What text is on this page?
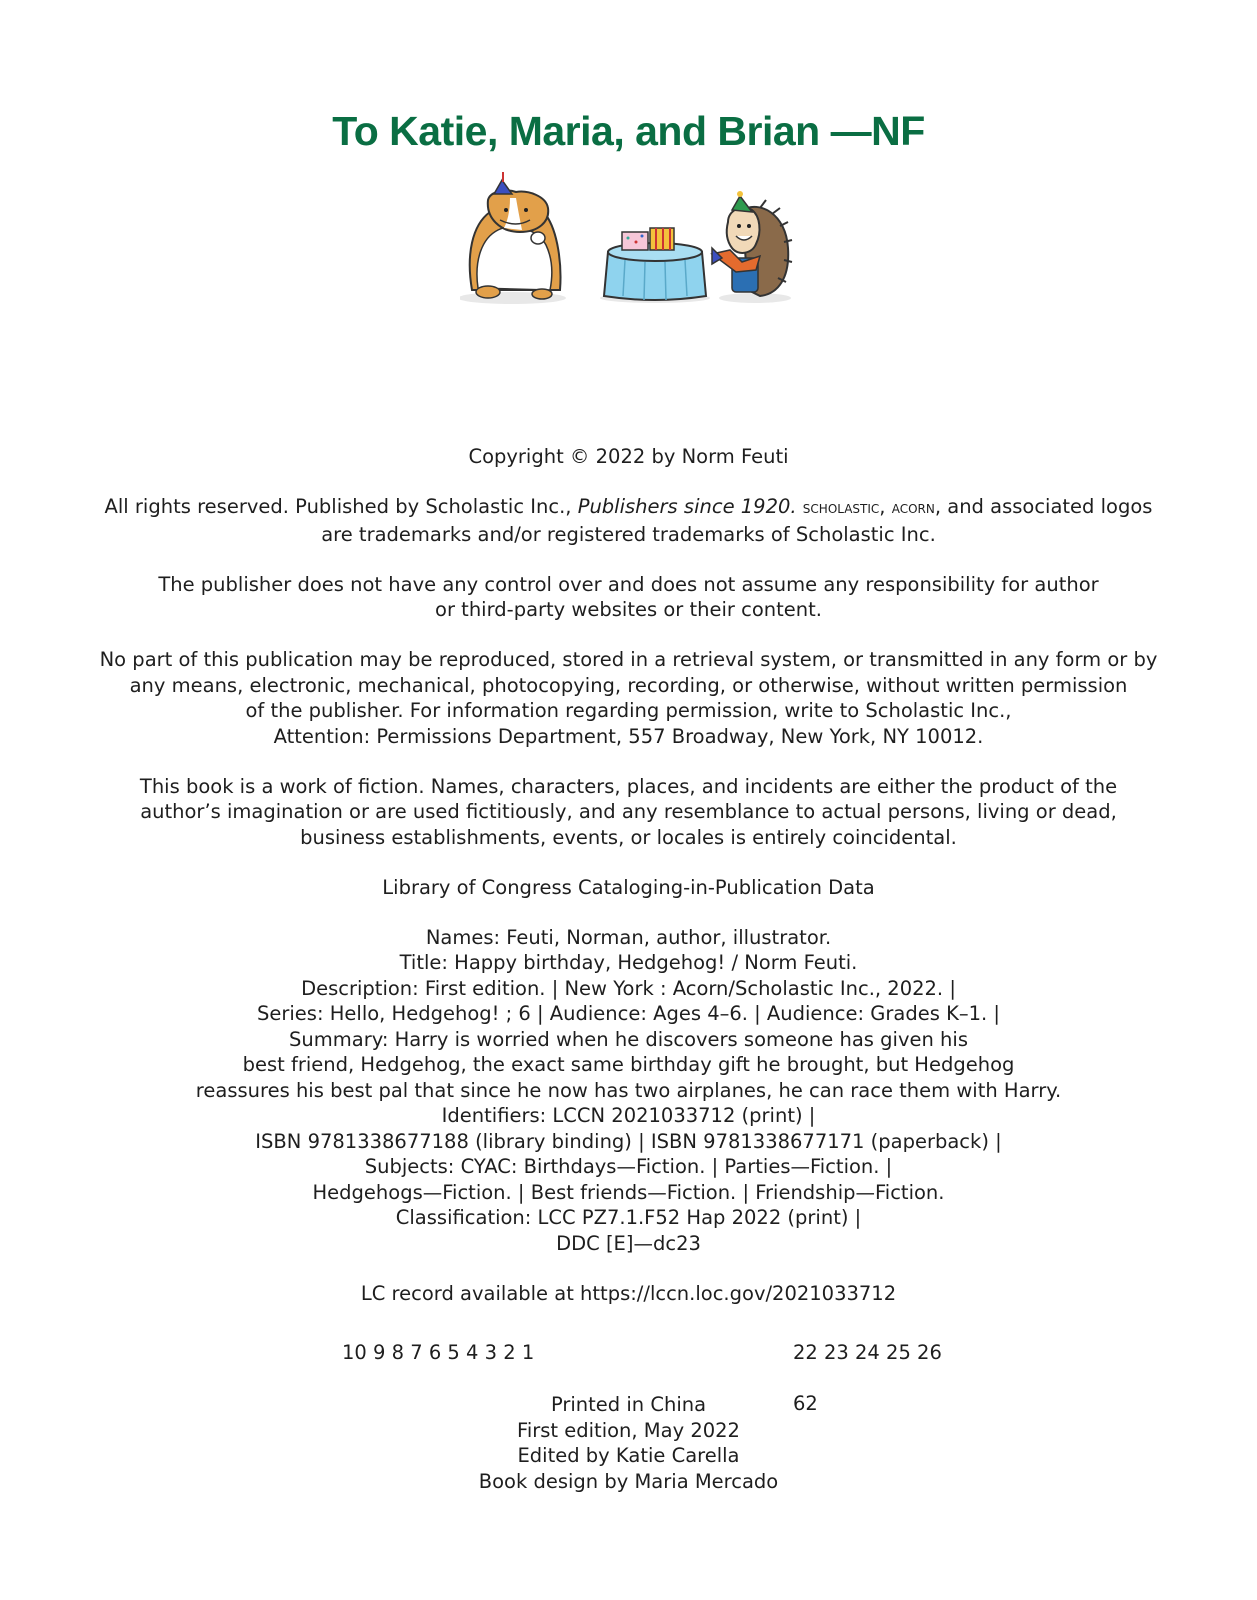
To Katie, Maria, and Brian —NF

Copyright © 2022 by Norm Feuti

All rights reserved. Published by Scholastic Inc., Publishers since 1920. scholastic, acorn, and associated logos
are trademarks and/or registered trademarks of Scholastic Inc.

The publisher does not have any control over and does not assume any responsibility for author
or third-party websites or their content.

No part of this publication may be reproduced, stored in a retrieval system, or transmitted in any form or by
any means, electronic, mechanical, photocopying, recording, or otherwise, without written permission
of the publisher. For information regarding permission, write to Scholastic Inc.,
Attention: Permissions Department, 557 Broadway, New York, NY 10012.

This book is a work of fiction. Names, characters, places, and incidents are either the product of the
author’s imagination or are used fictitiously, and any resemblance to actual persons, living or dead,
business establishments, events, or locales is entirely coincidental.

Library of Congress Cataloging-in-Publication Data

Names: Feuti, Norman, author, illustrator.
Title: Happy birthday, Hedgehog! / Norm Feuti.
Description: First edition. | New York : Acorn/Scholastic Inc., 2022. |
Series: Hello, Hedgehog! ; 6 | Audience: Ages 4–6. | Audience: Grades K–1. |
Summary: Harry is worried when he discovers someone has given his
best friend, Hedgehog, the exact same birthday gift he brought, but Hedgehog
reassures his best pal that since he now has two airplanes, he can race them with Harry.
Identifiers: LCCN 2021033712 (print) |
ISBN 9781338677188 (library binding) | ISBN 9781338677171 (paperback) |
Subjects: CYAC: Birthdays—Fiction. | Parties—Fiction. |
Hedgehogs—Fiction. | Best friends—Fiction. | Friendship—Fiction.
Classification: LCC PZ7.1.F52 Hap 2022 (print) |
DDC [E]—dc23

LC record available at https://lccn.loc.gov/2021033712

10 9 8 7 6 5 4 3 2 1	22 23 24 25 26
Printed in China
First edition, May 2022
Edited by Katie Carella
Book design by Maria Mercado
62
